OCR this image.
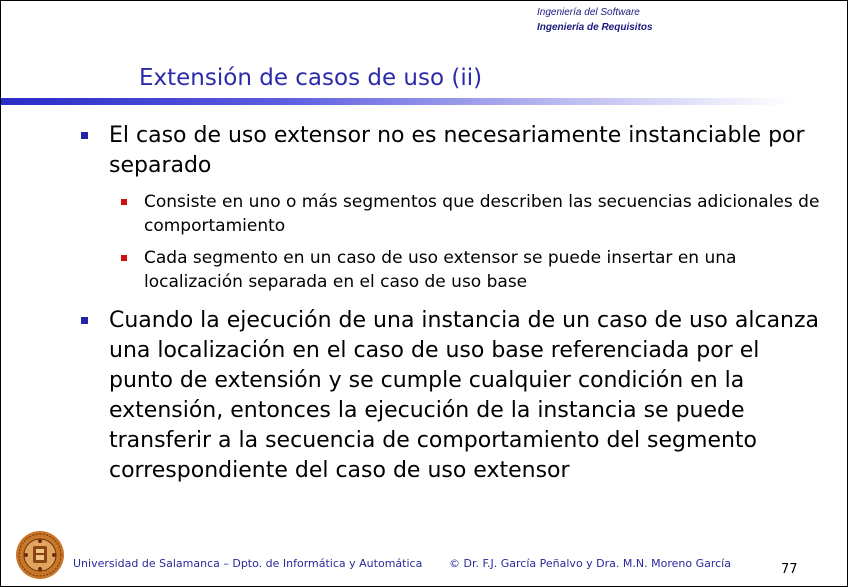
Ingeniería del Software
Ingeniería de Requisitos
Extensión de casos de uso (ii)
El caso de uso extensor no es necesariamente instanciable por separado
Consiste en uno o más segmentos que describen las secuencias adicionales de comportamiento
Cada segmento en un caso de uso extensor se puede insertar en una localización separada en el caso de uso base
Cuando la ejecución de una instancia de un caso de uso alcanza una localización en el caso de uso base referenciada por el punto de extensión y se cumple cualquier condición en la extensión, entonces la ejecución de la instancia se puede transferir a la secuencia de comportamiento del segmento correspondiente del caso de uso extensor
Universidad de Salamanca – Dpto. de Informática y Automática © Dr. F.J. García Peñalvo y Dra. M.N. Moreno García	77
